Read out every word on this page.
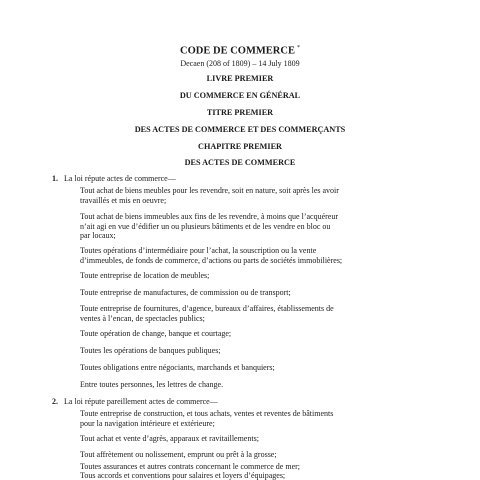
CODE DE COMMERCE *
Decaen (208 of 1809) – 14 July 1809
LIVRE PREMIER
DU COMMERCE EN GÉNÉRAL
TITRE PREMIER
DES ACTES DE COMMERCE ET DES COMMERÇANTS
CHAPITRE PREMIER
DES ACTES DE COMMERCE
1. La loi répute actes de commerce—
Tout achat de biens meubles pour les revendre, soit en nature, soit après les avoir
travaillés et mis en oeuvre;
Tout achat de biens immeubles aux fins de les revendre, à moins que l’acquéreur
n’ait agi en vue d’édifier un ou plusieurs bâtiments et de les vendre en bloc ou
par locaux;
Toutes opérations d’intermédiaire pour l’achat, la souscription ou la vente
d’immeubles, de fonds de commerce, d’actions ou parts de sociétés immobilières;
Toute entreprise de location de meubles;
Toute entreprise de manufactures, de commission ou de transport;
Toute entreprise de fournitures, d’agence, bureaux d’affaires, établissements de
ventes à l’encan, de spectacles publics;
Toute opération de change, banque et courtage;
Toutes les opérations de banques publiques;
Toutes obligations entre négociants, marchands et banquiers;
Entre toutes personnes, les lettres de change.
2. La loi répute pareillement actes de commerce—
Toute entreprise de construction, et tous achats, ventes et reventes de bâtiments
pour la navigation intérieure et extérieure;
Tout achat et vente d’agrès, apparaux et ravitaillements;
Tout affrètement ou nolissement, emprunt ou prêt à la grosse;
Toutes assurances et autres contrats concernant le commerce de mer;
Tous accords et conventions pour salaires et loyers d’équipages;
